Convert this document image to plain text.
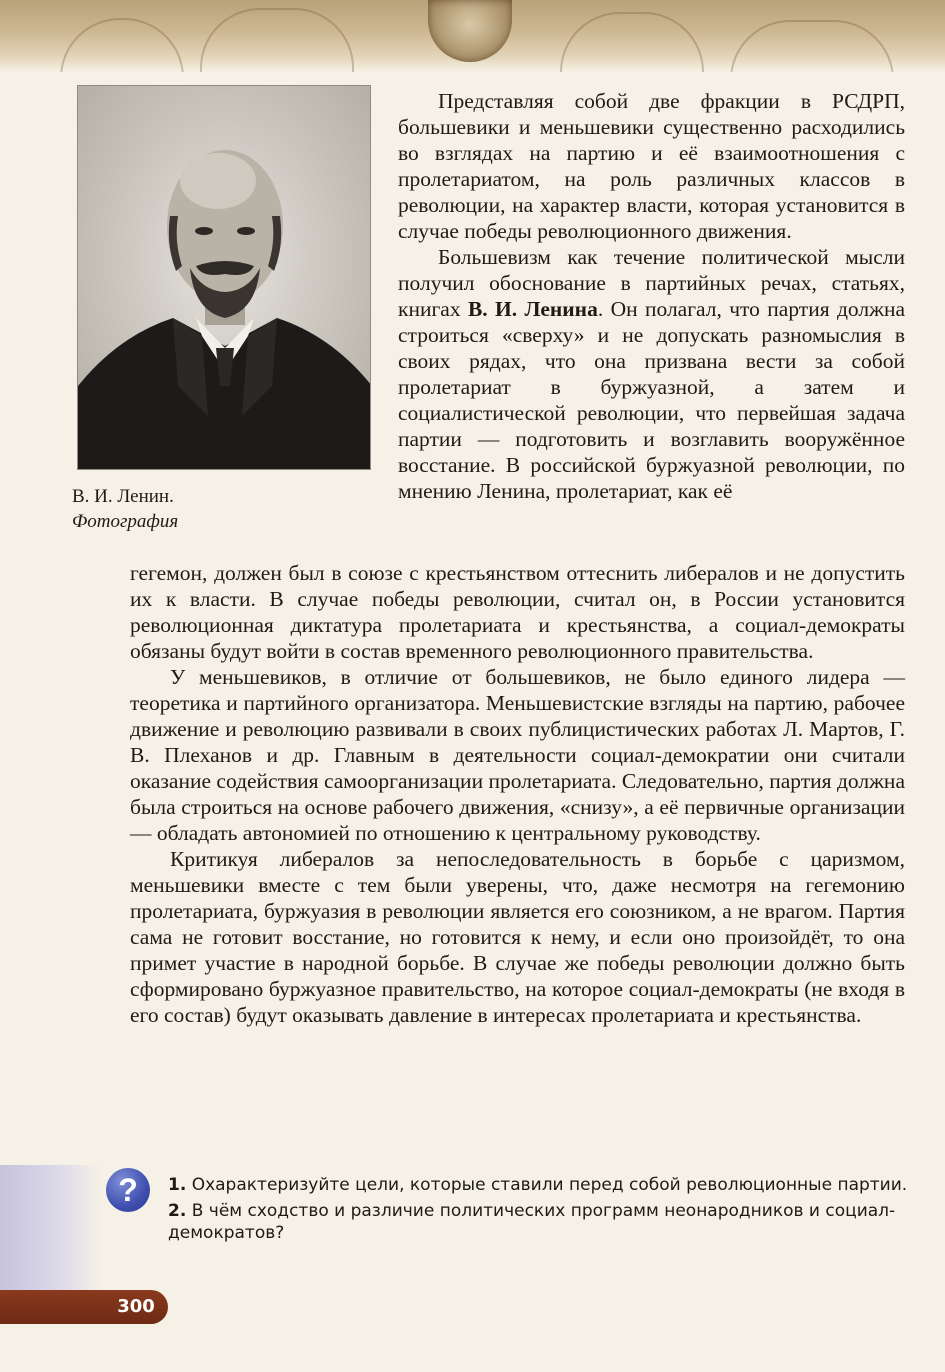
В. И. Ленин.
Фотография

Представляя собой две фракции в РСДРП, большевики и меньшевики существенно расходились во взглядах на партию и её взаимоотношения с пролетариатом, на роль различных классов в революции, на характер власти, которая установится в случае победы революционного движения.

Большевизм как течение политической мысли получил обоснование в партийных речах, статьях, книгах В. И. Ленина. Он полагал, что партия должна строиться «сверху» и не допускать разномыслия в своих рядах, что она призвана вести за собой пролетариат в буржуазной, а затем и социалистической революции, что первейшая задача партии — подготовить и возглавить вооружённое восстание. В российской буржуазной революции, по мнению Ленина, пролетариат, как её

гегемон, должен был в союзе с крестьянством оттеснить либералов и не допустить их к власти. В случае победы революции, считал он, в России установится революционная диктатура пролетариата и крестьянства, а социал-демократы обязаны будут войти в состав временного революционного правительства.

У меньшевиков, в отличие от большевиков, не было единого лидера — теоретика и партийного организатора. Меньшевистские взгляды на партию, рабочее движение и революцию развивали в своих публицистических работах Л. Мартов, Г. В. Плеханов и др. Главным в деятельности социал-демократии они считали оказание содействия самоорганизации пролетариата. Следовательно, партия должна была строиться на основе рабочего движения, «снизу», а её первичные организации — обладать автономией по отношению к центральному руководству.

Критикуя либералов за непоследовательность в борьбе с царизмом, меньшевики вместе с тем были уверены, что, даже несмотря на гегемонию пролетариата, буржуазия в революции является его союзником, а не врагом. Партия сама не готовит восстание, но готовится к нему, и если оно произойдёт, то она примет участие в народной борьбе. В случае же победы революции должно быть сформировано буржуазное правительство, на которое социал-демократы (не входя в его состав) будут оказывать давление в интересах пролетариата и крестьянства.

?	1. Охарактеризуйте цели, которые ставили перед собой революционные партии.
2. В чём сходство и различие политических программ неонародников и социал-демократов?
300
